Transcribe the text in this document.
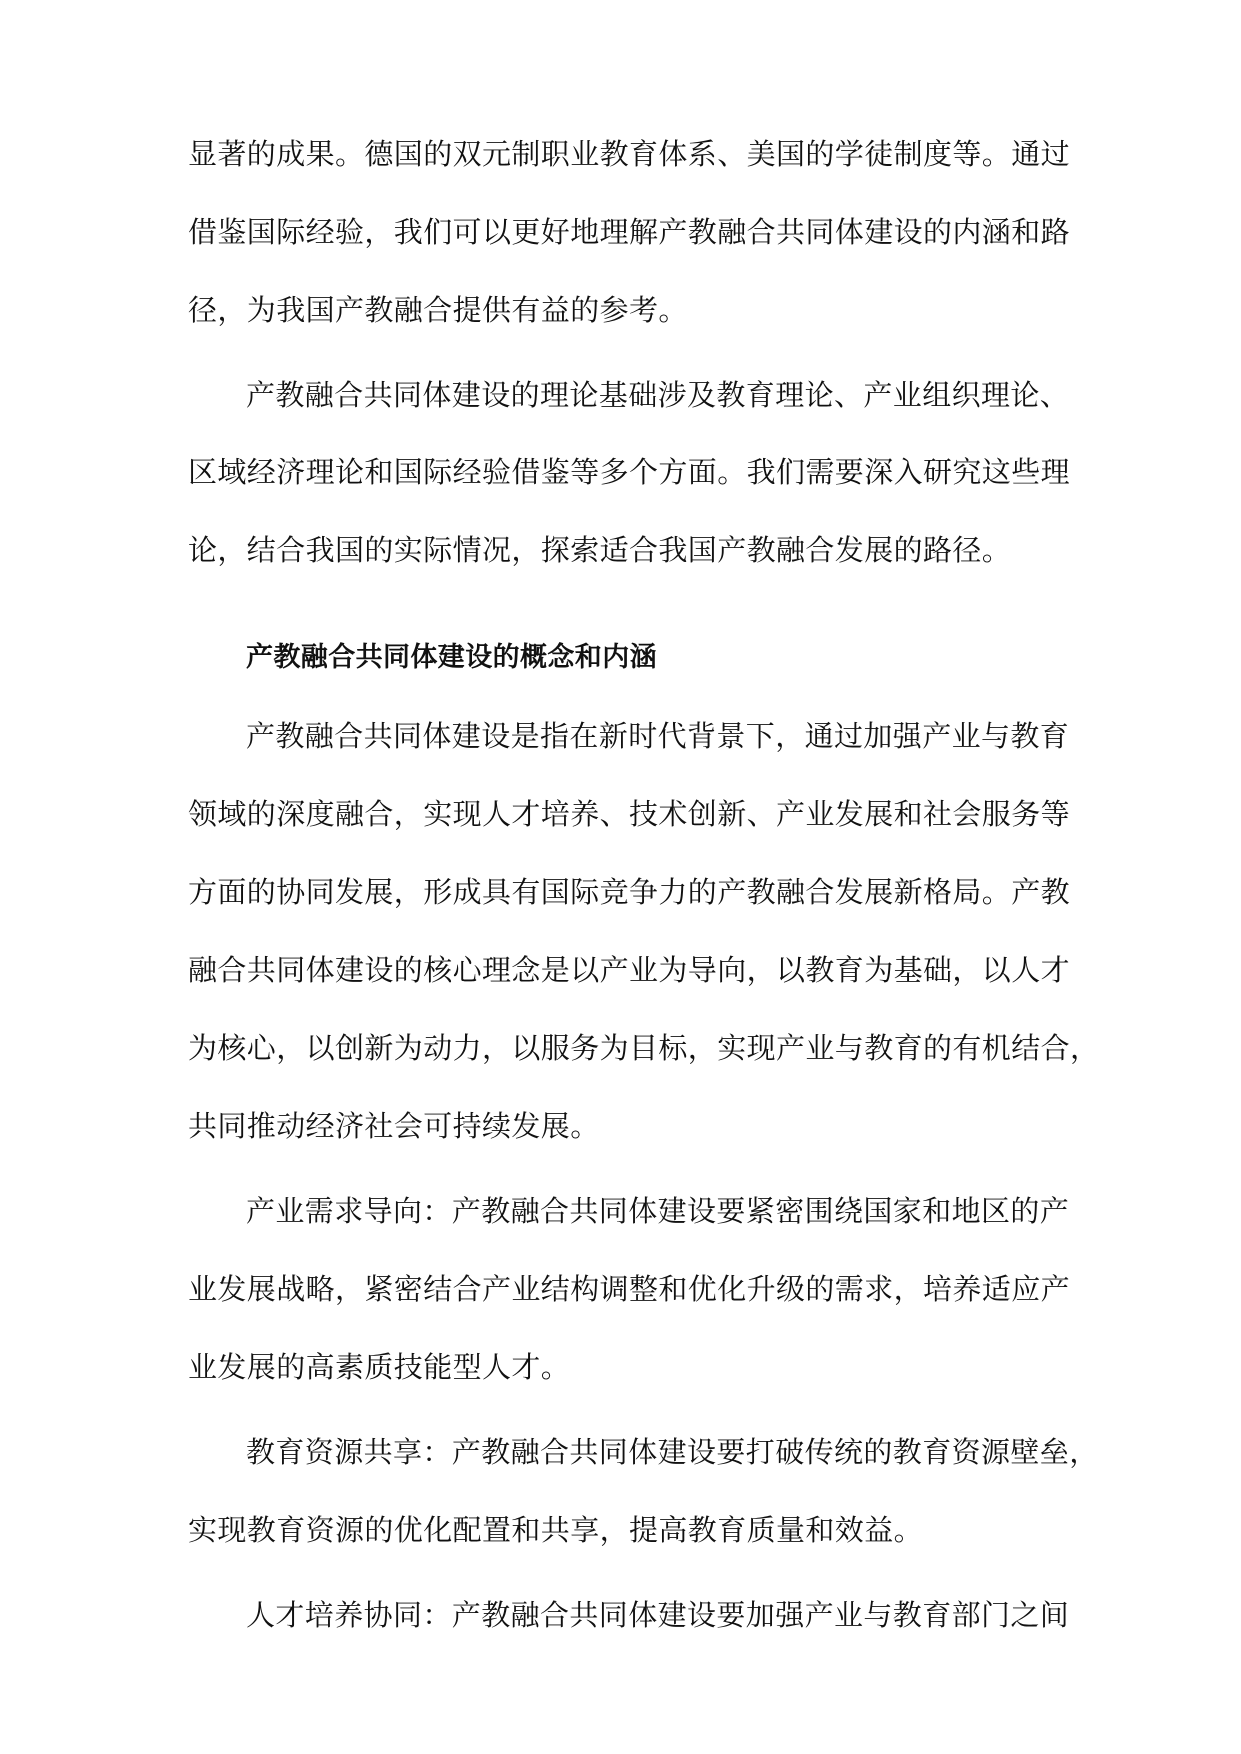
显著的成果。德国的双元制职业教育体系、美国的学徒制度等。通过
借鉴国际经验，我们可以更好地理解产教融合共同体建设的内涵和路
径，为我国产教融合提供有益的参考。
产教融合共同体建设的理论基础涉及教育理论、产业组织理论、
区域经济理论和国际经验借鉴等多个方面。我们需要深入研究这些理
论，结合我国的实际情况，探索适合我国产教融合发展的路径。
产教融合共同体建设的概念和内涵
产教融合共同体建设是指在新时代背景下，通过加强产业与教育
领域的深度融合，实现人才培养、技术创新、产业发展和社会服务等
方面的协同发展，形成具有国际竞争力的产教融合发展新格局。产教
融合共同体建设的核心理念是以产业为导向，以教育为基础，以人才
为核心，以创新为动力，以服务为目标，实现产业与教育的有机结合，
共同推动经济社会可持续发展。
产业需求导向：产教融合共同体建设要紧密围绕国家和地区的产
业发展战略，紧密结合产业结构调整和优化升级的需求，培养适应产
业发展的高素质技能型人才。
教育资源共享：产教融合共同体建设要打破传统的教育资源壁垒，
实现教育资源的优化配置和共享，提高教育质量和效益。
人才培养协同：产教融合共同体建设要加强产业与教育部门之间
